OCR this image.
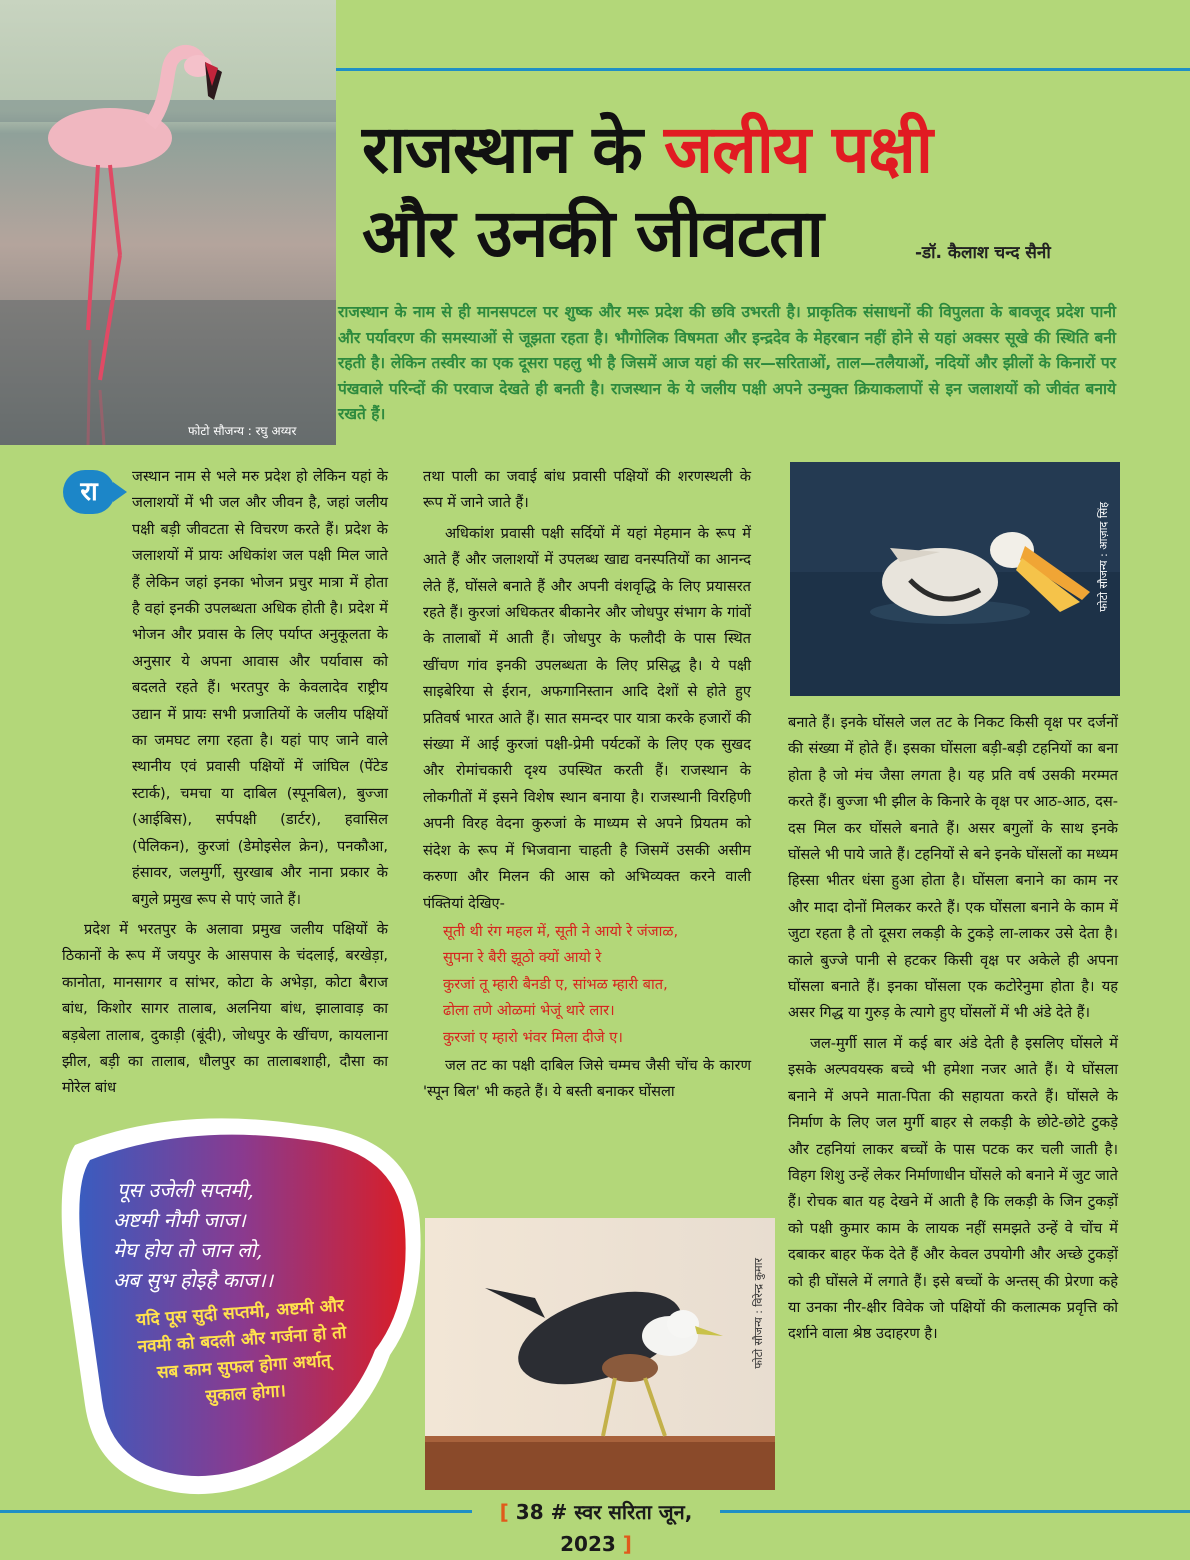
फोटो सौजन्य : रघु अय्यर
राजस्थान के जलीय पक्षी
और उनकी जीवटता	-डॉ. कैलाश चन्द सैनी
राजस्थान के नाम से ही मानसपटल पर शुष्क और मरू प्रदेश की छवि उभरती है। प्राकृतिक संसाधनों की विपुलता के बावजूद प्रदेश पानी और पर्यावरण की समस्याओं से जूझता रहता है। भौगोलिक विषमता और इन्द्रदेव के मेहरबान नहीं होने से यहां अक्सर सूखे की स्थिति बनी रहती है। लेकिन तस्वीर का एक दूसरा पहलु भी है जिसमें आज यहां की सर—सरिताओं, ताल—तलैयाओं, नदियों और झीलों के किनारों पर पंखवाले परिन्दों की परवाज देखते ही बनती है। राजस्थान के ये जलीय पक्षी अपने उन्मुक्त क्रियाकलापों से इन जलाशयों को जीवंत बनाये रखते हैं।
रा

जस्थान नाम से भले मरु प्रदेश हो लेकिन यहां के जलाशयों में भी जल और जीवन है, जहां जलीय पक्षी बड़ी जीवटता से विचरण करते हैं। प्रदेश के जलाशयों में प्रायः अधिकांश जल पक्षी मिल जाते हैं लेकिन जहां इनका भोजन प्रचुर मात्रा में होता है वहां इनकी उपलब्धता अधिक होती है। प्रदेश में भोजन और प्रवास के लिए पर्याप्त अनुकूलता के अनुसार ये अपना आवास और पर्यावास को बदलते रहते हैं। भरतपुर के केवलादेव राष्ट्रीय उद्यान में प्रायः सभी प्रजातियों के जलीय पक्षियों का जमघट लगा रहता है। यहां पाए जाने वाले स्थानीय एवं प्रवासी पक्षियों में जांघिल (पेंटेड स्टार्क), चमचा या दाबिल (स्पूनबिल), बुज्जा (आईबिस), सर्पपक्षी (डार्टर), हवासिल (पेलिकन), कुरजां (डेमोइसेल क्रेन), पनकौआ, हंसावर, जलमुर्गी, सुरखाब और नाना प्रकार के बगुले प्रमुख रूप से पाएं जाते हैं।

प्रदेश में भरतपुर के अलावा प्रमुख जलीय पक्षियों के ठिकानों के रूप में जयपुर के आसपास के चंदलाई, बरखेड़ा, कानोता, मानसागर व सांभर, कोटा के अभेड़ा, कोटा बैराज बांध, किशोर सागर तालाब, अलनिया बांध, झालावाड़ का बड़बेला तालाब, दुकाड़ी (बूंदी), जोधपुर के खींचण, कायलाना झील, बड़ी का तालाब, धौलपुर का तालाबशाही, दौसा का मोरेल बांध

तथा पाली का जवाई बांध प्रवासी पक्षियों की शरणस्थली के रूप में जाने जाते हैं।

अधिकांश प्रवासी पक्षी सर्दियों में यहां मेहमान के रूप में आते हैं और जलाशयों में उपलब्ध खाद्य वनस्पतियों का आनन्द लेते हैं, घोंसले बनाते हैं और अपनी वंशवृद्धि के लिए प्रयासरत रहते हैं। कुरजां अधिकतर बीकानेर और जोधपुर संभाग के गांवों के तालाबों में आती हैं। जोधपुर के फलौदी के पास स्थित खींचण गांव इनकी उपलब्धता के लिए प्रसिद्ध है। ये पक्षी साइबेरिया से ईरान, अफगानिस्तान आदि देशों से होते हुए प्रतिवर्ष भारत आते हैं। सात समन्दर पार यात्रा करके हजारों की संख्या में आई कुरजां पक्षी-प्रेमी पर्यटकों के लिए एक सुखद और रोमांचकारी दृश्य उपस्थित करती हैं। राजस्थान के लोकगीतों में इसने विशेष स्थान बनाया है। राजस्थानी विरहिणी अपनी विरह वेदना कुरुजां के माध्यम से अपने प्रियतम को संदेश के रूप में भिजवाना चाहती है जिसमें उसकी असीम करुणा और मिलन की आस को अभिव्यक्त करने वाली पंक्तियां देखिए-

सूती थी रंग महल में, सूती ने आयो रे जंजाळ,
सुपना रे बैरी झूठो क्यों आयो रे
कुरजां तू म्हारी बैनडी ए, सांभळ म्हारी बात,
ढोला तणे ओळमां भेजूं थारे लार।
कुरजां ए म्हारो भंवर मिला दीजे ए।

जल तट का पक्षी दाबिल जिसे चम्मच जैसी चोंच के कारण 'स्पून बिल' भी कहते हैं। ये बस्ती बनाकर घोंसला

फोटो सौजन्य : आज़ाद सिंह

बनाते हैं। इनके घोंसले जल तट के निकट किसी वृक्ष पर दर्जनों की संख्या में होते हैं। इसका घोंसला बड़ी-बड़ी टहनियों का बना होता है जो मंच जैसा लगता है। यह प्रति वर्ष उसकी मरम्मत करते हैं। बुज्जा भी झील के किनारे के वृक्ष पर आठ-आठ, दस-दस मिल कर घोंसले बनाते हैं। असर बगुलों के साथ इनके घोंसले भी पाये जाते हैं। टहनियों से बने इनके घोंसलों का मध्यम हिस्सा भीतर धंसा हुआ होता है। घोंसला बनाने का काम नर और मादा दोनों मिलकर करते हैं। एक घोंसला बनाने के काम में जुटा रहता है तो दूसरा लकड़ी के टुकड़े ला-लाकर उसे देता है। काले बुज्जे पानी से हटकर किसी वृक्ष पर अकेले ही अपना घोंसला बनाते हैं। इनका घोंसला एक कटोरेनुमा होता है। यह असर गिद्ध या गुरुड़ के त्यागे हुए घोंसलों में भी अंडे देते हैं।

जल-मुर्गी साल में कई बार अंडे देती है इसलिए घोंसले में इसके अल्पवयस्क बच्चे भी हमेशा नजर आते हैं। ये घोंसला बनाने में अपने माता-पिता की सहायता करते हैं। घोंसले के निर्माण के लिए जल मुर्गी बाहर से लकड़ी के छोटे-छोटे टुकड़े और टहनियां लाकर बच्चों के पास पटक कर चली जाती है। विहग शिशु उन्हें लेकर निर्माणाधीन घोंसले को बनाने में जुट जाते हैं। रोचक बात यह देखने में आती है कि लकड़ी के जिन टुकड़ों को पक्षी कुमार काम के लायक नहीं समझते उन्हें वे चोंच में दबाकर बाहर फेंक देते हैं और केवल उपयोगी और अच्छे टुकड़ों को ही घोंसले में लगाते हैं। इसे बच्चों के अन्तस् की प्रेरणा कहे या उनका नीर-क्षीर विवेक जो पक्षियों की कलात्मक प्रवृत्ति को दर्शाने वाला श्रेष्ठ उदाहरण है।

फोटो सौजन्य : विरेन्द्र कुमार
पूस उजेली सप्तमी,
अष्टमी नौमी जाज।
मेघ होय तो जान लो,
अब सुभ होइहै काज।।
यदि पूस सुदी सप्तमी, अष्टमी और
नवमी को बदली और गर्जना हो तो
सब काम सुफल होगा अर्थात्
सुकाल होगा।
[ 38 # स्वर सरिता जून, 2023 ]
